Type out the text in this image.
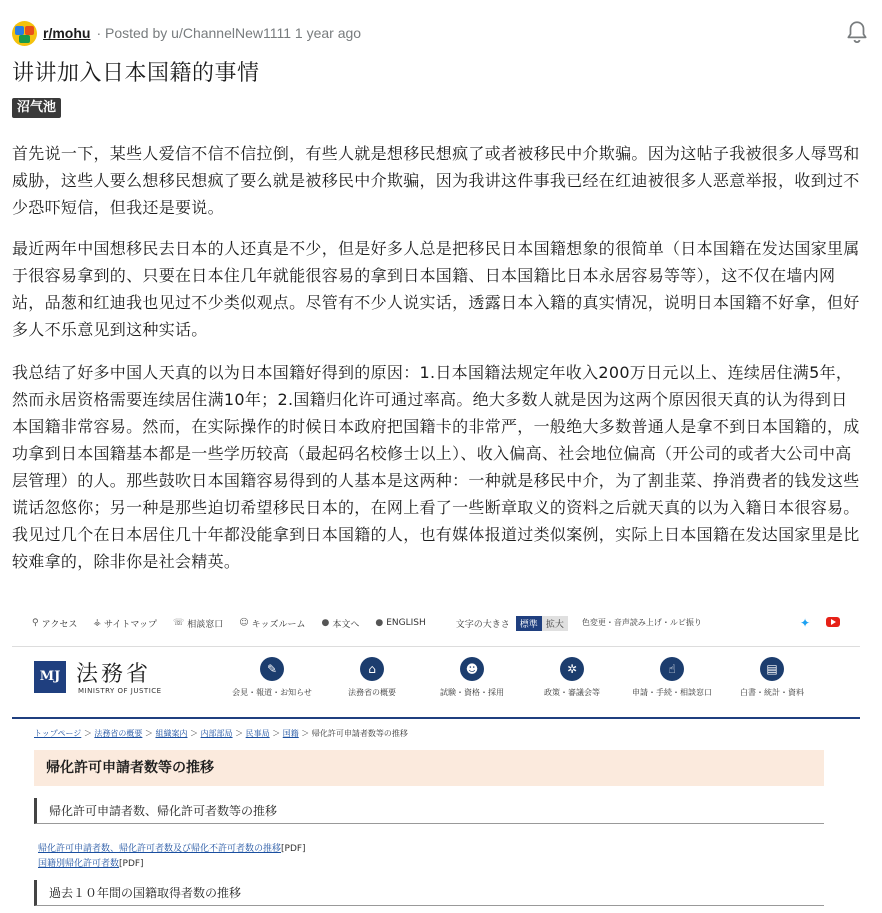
r/mohu · Posted by u/ChannelNew1111 1 year ago
讲讲加入日本国籍的事情
沼气池

首先说一下，某些人爱信不信不信拉倒，有些人就是想移民想疯了或者被移民中介欺骗。因为这帖子我被很多人辱骂和威胁，这些人要么想移民想疯了要么就是被移民中介欺骗，因为我讲这件事我已经在红迪被很多人恶意举报，收到过不少恐吓短信，但我还是要说。

最近两年中国想移民去日本的人还真是不少，但是好多人总是把移民日本国籍想象的很简单（日本国籍在发达国家里属于很容易拿到的、只要在日本住几年就能很容易的拿到日本国籍、日本国籍比日本永居容易等等），这不仅在墙内网站，品葱和红迪我也见过不少类似观点。尽管有不少人说实话，透露日本入籍的真实情况，说明日本国籍不好拿，但好多人不乐意见到这种实话。

我总结了好多中国人天真的以为日本国籍好得到的原因：1.日本国籍法规定年收入200万日元以上、连续居住满5年，然而永居资格需要连续居住满10年；2.国籍归化许可通过率高。绝大多数人就是因为这两个原因很天真的认为得到日本国籍非常容易。然而，在实际操作的时候日本政府把国籍卡的非常严，一般绝大多数普通人是拿不到日本国籍的，成功拿到日本国籍基本都是一些学历较高（最起码名校修士以上）、收入偏高、社会地位偏高（开公司的或者大公司中高层管理）的人。那些鼓吹日本国籍容易得到的人基本是这两种：一种就是移民中介，为了割韭菜、挣消费者的钱发这些谎话忽悠你；另一种是那些迫切希望移民日本的，在网上看了一些断章取义的资料之后就天真的以为入籍日本很容易。我见过几个在日本居住几十年都没能拿到日本国籍的人，也有媒体报道过类似案例，实际上日本国籍在发达国家里是比较难拿的，除非你是社会精英。

⚲ アクセス ⚶ サイトマップ ☏ 相談窓口 ☺ キッズルーム ● 本文へ ● ENGLISH	文字の大きさ	標準 拡大	色変更・音声読み上げ・ルビ振り	✦
MJ 法務省
MINISTRY OF JUSTICE
✎
会見・報道・お知らせ
⌂
法務省の概要
☻
試験・資格・採用
✲
政策・審議会等
☝
申請・手続・相談窓口
▤
白書・統計・資料
トップページ ＞ 法務省の概要 ＞ 組織案内 ＞ 内部部局 ＞ 民事局 ＞ 国籍 ＞ 帰化許可申請者数等の推移
帰化許可申請者数等の推移
帰化許可申請者数、帰化許可者数等の推移
帰化許可申請者数、帰化許可者数及び帰化不許可者数の推移[PDF]
国籍別帰化許可者数[PDF]
過去１０年間の国籍取得者数の推移
